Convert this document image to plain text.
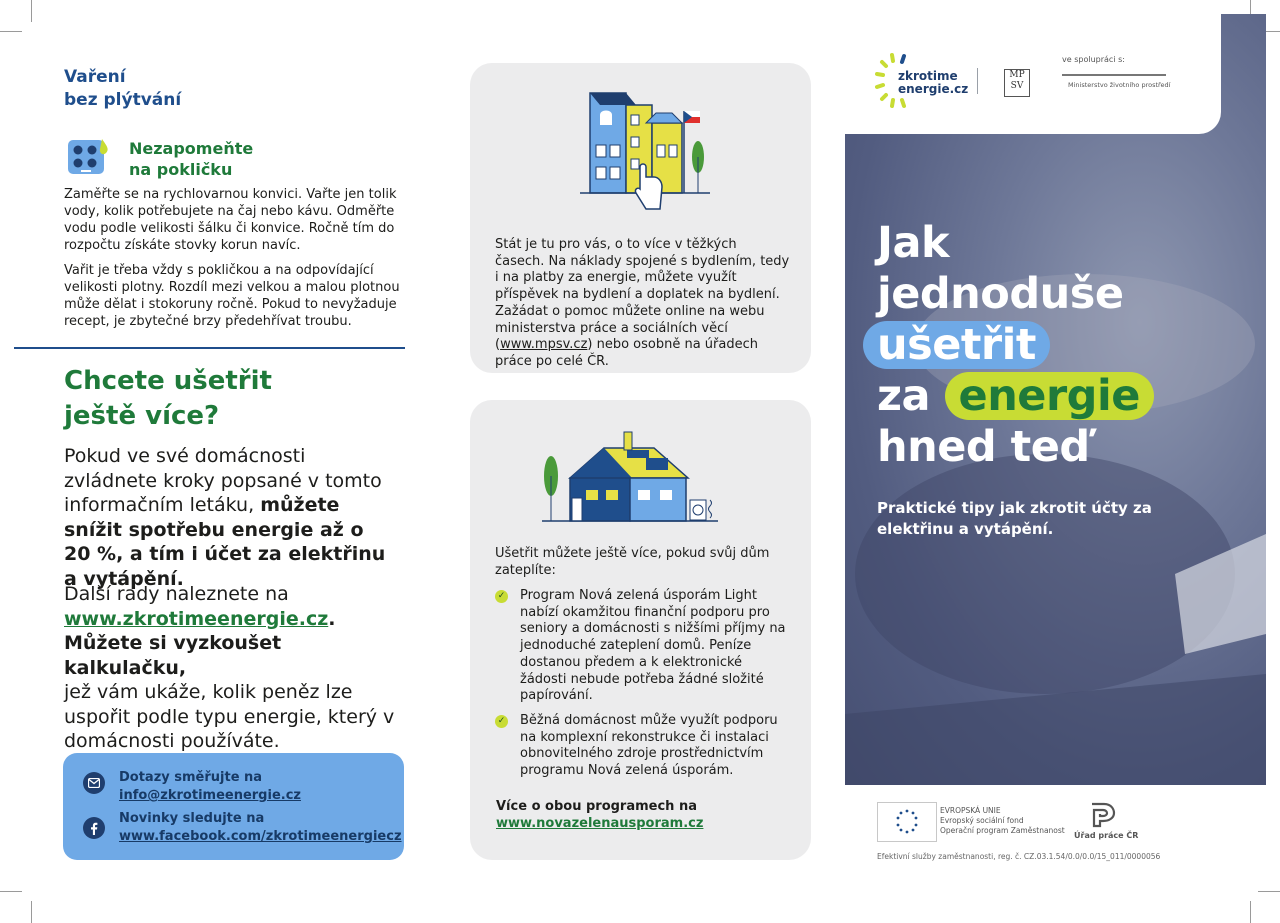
Vaření
bez plýtvání
Nezapomeňte
na pokličku

Zaměřte se na rychlovarnou konvici. Vařte jen tolik vody, kolik potřebujete na čaj nebo kávu. Odměřte vodu podle velikosti šálku či konvice. Ročně tím do rozpočtu získáte stovky korun navíc.

Vařit je třeba vždy s pokličkou a na odpovídající velikosti plotny. Rozdíl mezi velkou a malou plotnou může dělat i stokoruny ročně. Pokud to nevyžaduje recept, je zbytečné brzy předehřívat troubu.

Chcete ušetřit
ještě více?
Pokud ve své domácnosti zvládnete kroky popsané v tomto informačním letáku, můžete snížit spotřebu energie až o 20 %, a tím i účet za elektřinu a vytápění.
Další rady naleznete na
www.zkrotimeenergie.cz.
Můžete si vyzkoušet kalkulačku,
jež vám ukáže, kolik peněz lze uspořit podle typu energie, který v domácnosti používáte.
Dotazy směřujte na
info@zkrotimeenergie.cz
Novinky sledujte na
www.facebook.com/zkrotimeenergiecz
Stát je tu pro vás, o to více v těžkých časech. Na náklady spojené s bydlením, tedy i na platby za energie, můžete využít příspěvek na bydlení a doplatek na bydlení. Zažádat o pomoc můžete online na webu ministerstva práce a sociálních věcí (www.mpsv.cz) nebo osobně na úřadech práce po celé ČR.
Ušetřit můžete ještě více, pokud svůj dům zateplíte:
✓ Program Nová zelená úsporám Light nabízí okamžitou finanční podporu pro seniory a domácnosti s nižšími příjmy na jednoduché zateplení domů. Peníze dostanou předem a k elektronické žádosti nebude potřeba žádné složité papírování.
✓ Běžná domácnost může využít podporu na komplexní rekonstrukce či instalaci obnovitelného zdroje prostřednictvím programu Nová zelená úsporám.
Více o obou programech na
www.novazelenausporam.cz
zkrotime
energie.cz
MP
SV
ve spolupráci s:
Ministerstvo životního prostředí
Jak
jednoduše
ušetřit
za energie
hned teď
Praktické tipy jak zkrotit účty za elektřinu a vytápění.
EVROPSKÁ UNIE
Evropský sociální fond
Operační program Zaměstnanost
Úřad práce ČR
Efektivní služby zaměstnanosti, reg. č. CZ.03.1.54/0.0/0.0/15_011/0000056
